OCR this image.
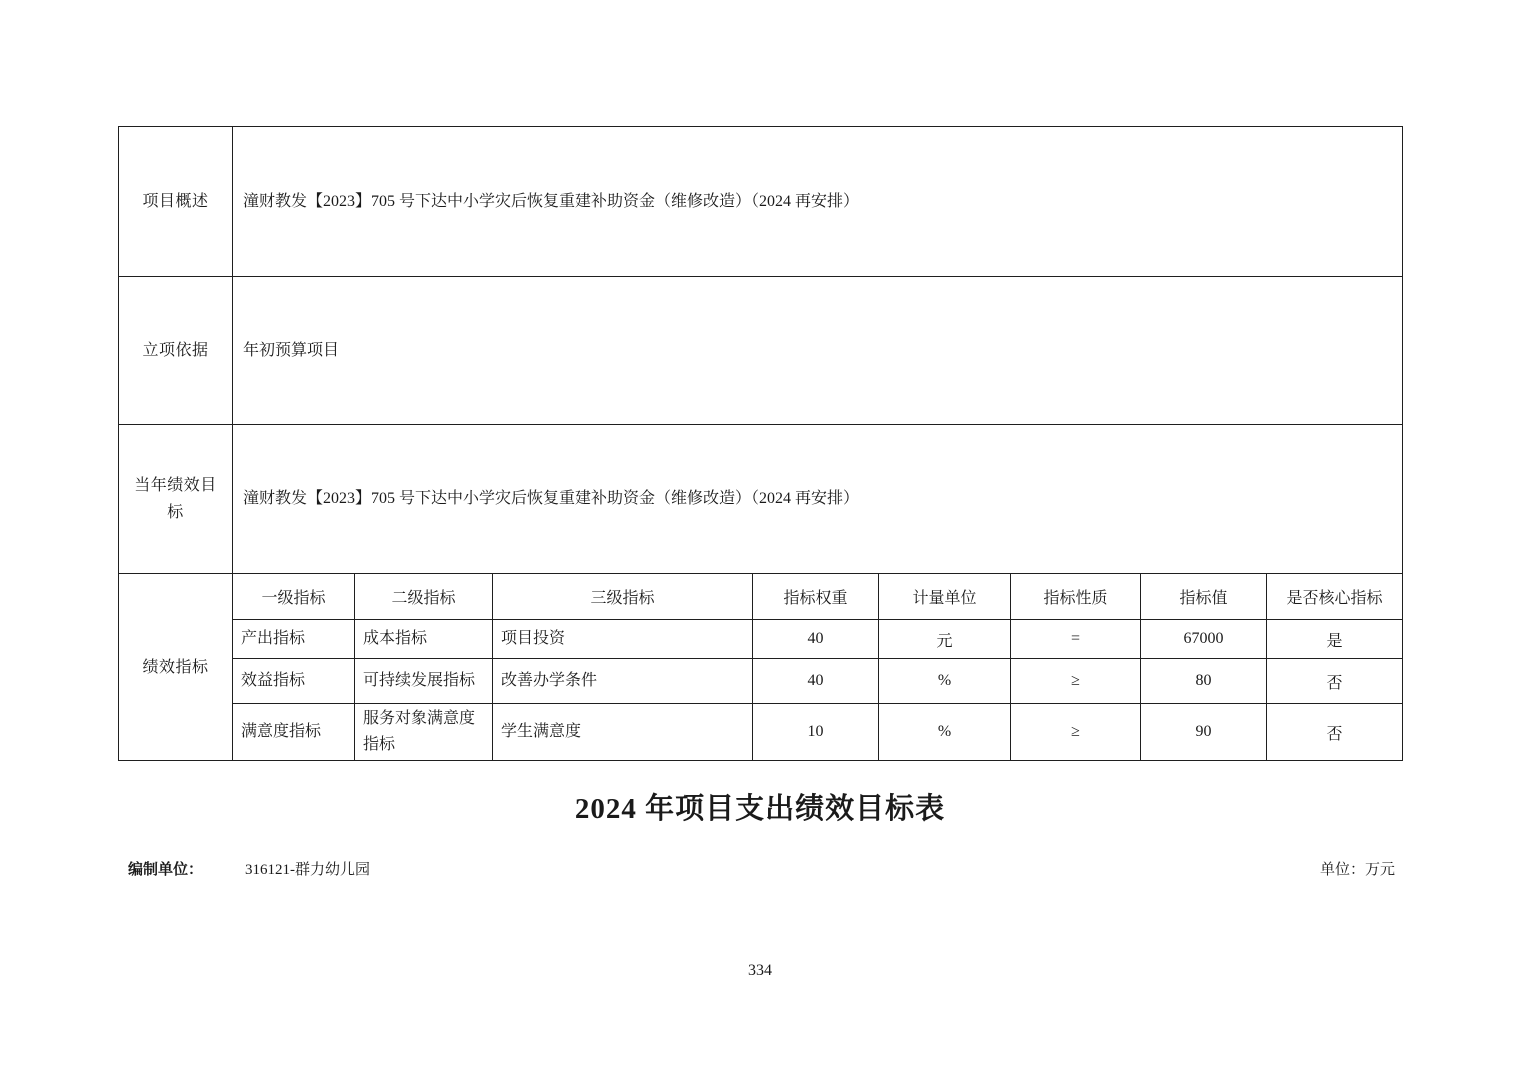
项目概述	潼财教发【2023】705 号下达中小学灾后恢复重建补助资金（维修改造）（2024 再安排）							
立项依据	年初预算项目							
当年绩效目标	潼财教发【2023】705 号下达中小学灾后恢复重建补助资金（维修改造）（2024 再安排）							
绩效指标	一级指标	二级指标	三级指标	指标权重	计量单位	指标性质	指标值	是否核心指标
	产出指标	成本指标	项目投资	40	元	=	67000	是
	效益指标	可持续发展指标	改善办学条件	40	%	≥	80	否
	满意度指标	服务对象满意度指标	学生满意度	10	%	≥	90	否
2024 年项目支出绩效目标表
编制单位：	316121-群力幼儿园	单位：万元
334
